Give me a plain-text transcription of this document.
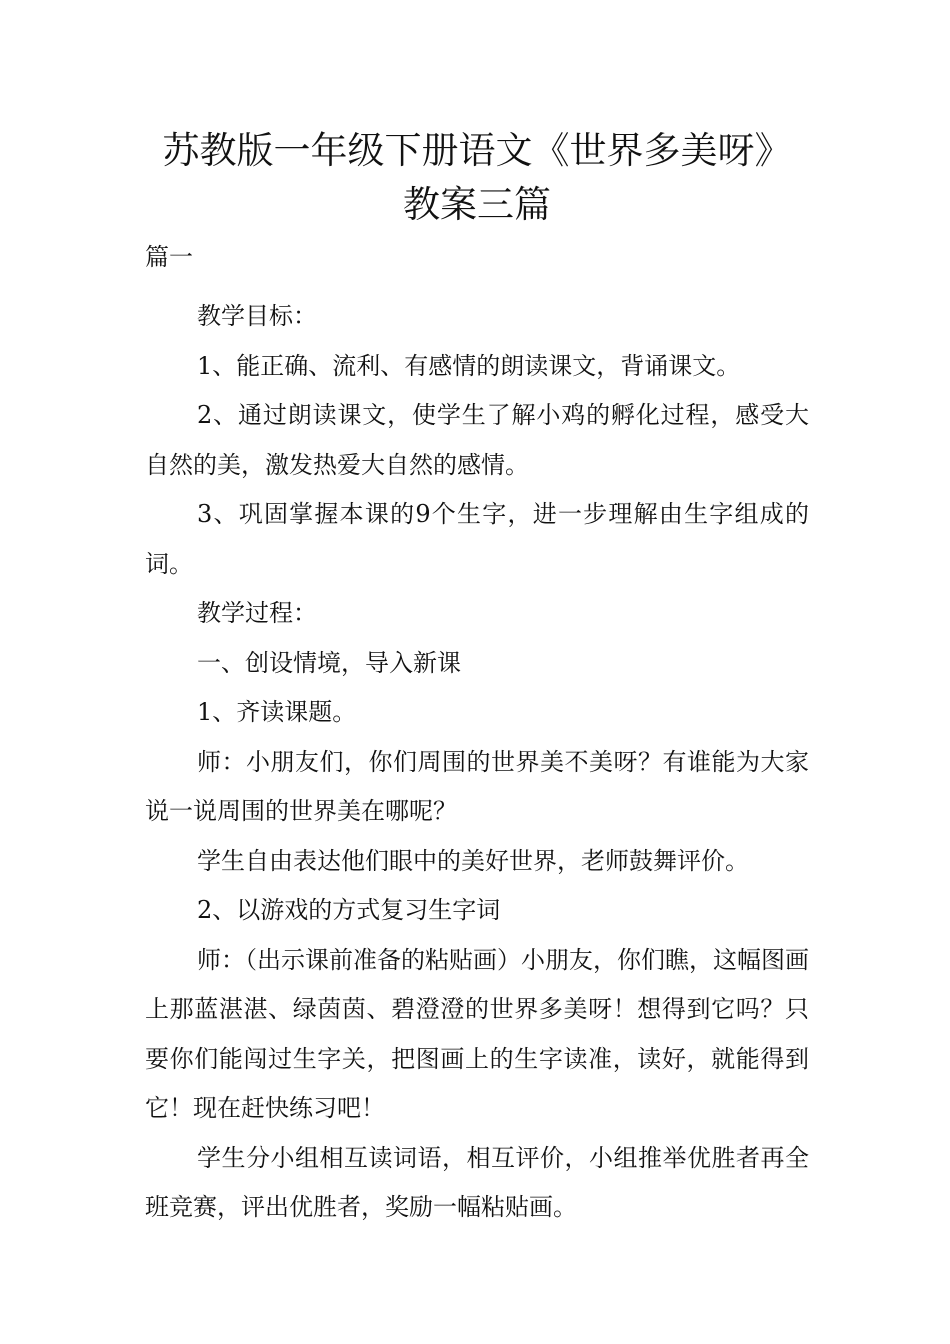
苏教版一年级下册语文《世界多美呀》教案三篇
篇一

教学目标：

1、能正确、流利、有感情的朗读课文，背诵课文。

2、通过朗读课文，使学生了解小鸡的孵化过程，感受大自然的美，激发热爱大自然的感情。

3、巩固掌握本课的9个生字，进一步理解由生字组成的词。

教学过程：

一、创设情境，导入新课

1、齐读课题。

师：小朋友们，你们周围的世界美不美呀？有谁能为大家说一说周围的世界美在哪呢？

学生自由表达他们眼中的美好世界，老师鼓舞评价。

2、以游戏的方式复习生字词

师：（出示课前准备的粘贴画）小朋友，你们瞧，这幅图画上那蓝湛湛、绿茵茵、碧澄澄的世界多美呀！想得到它吗？只要你们能闯过生字关，把图画上的生字读准，读好，就能得到它！现在赶快练习吧！

学生分小组相互读词语，相互评价，小组推举优胜者再全班竞赛，评出优胜者，奖励一幅粘贴画。
